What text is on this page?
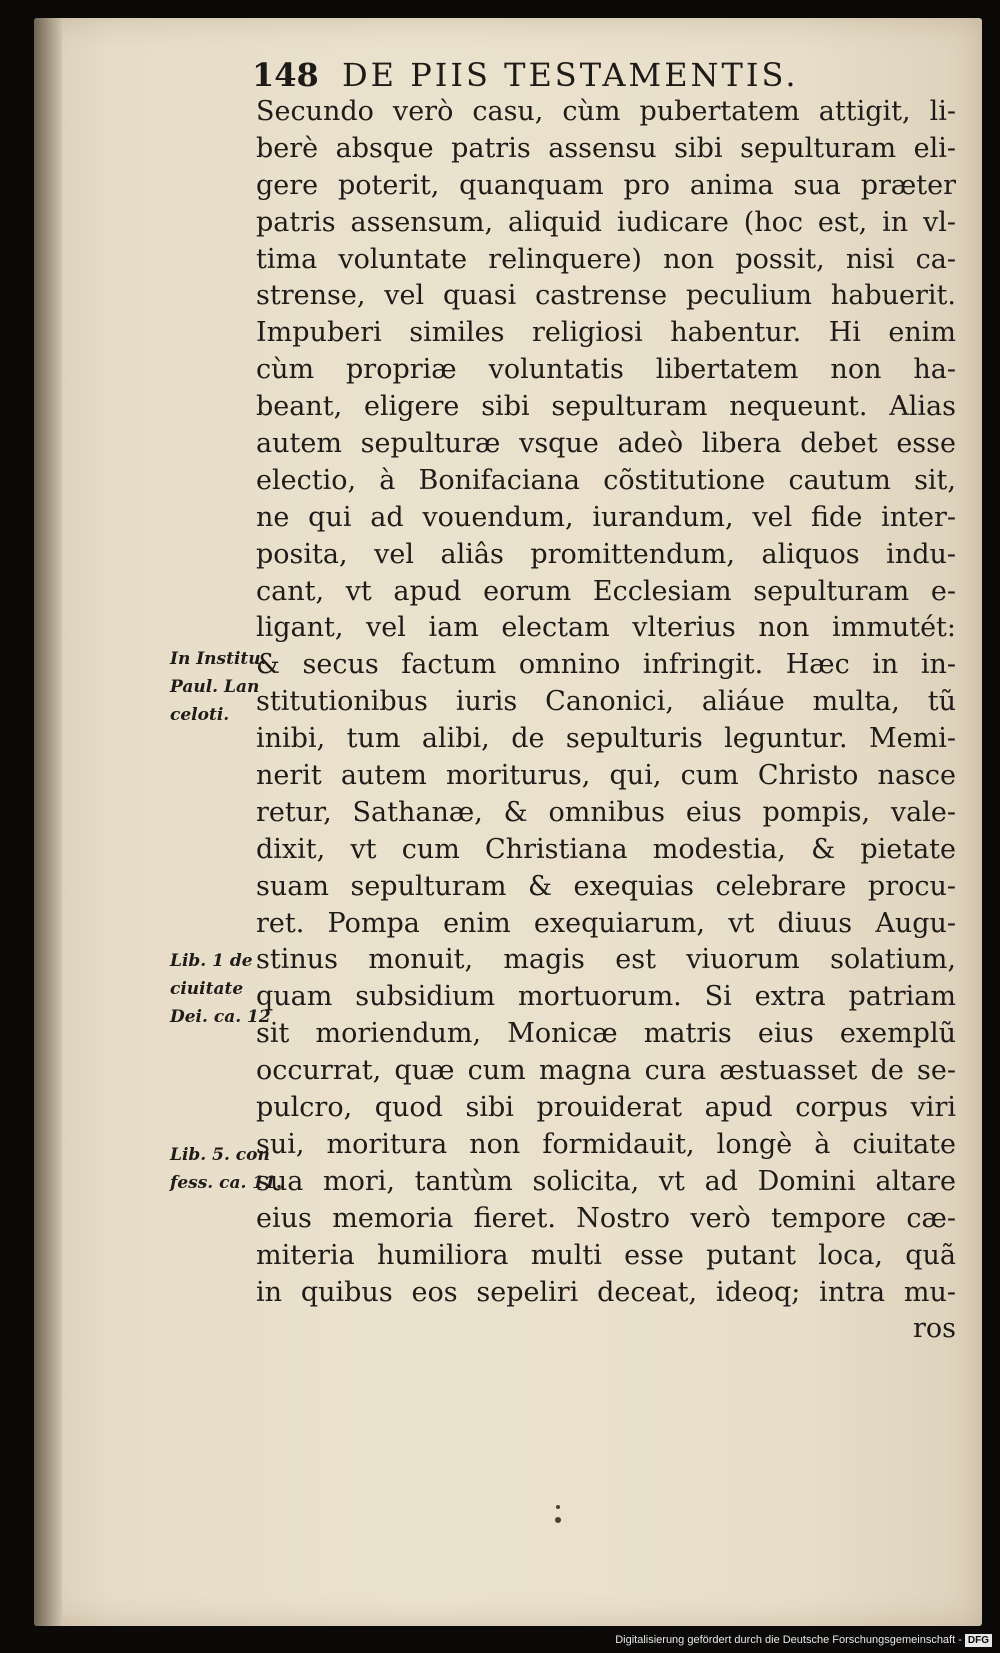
148 DE PIIS TESTAMENTIS.
Secundo verò casu, cùm pubertatem attigit, li-
berè absque patris assensu sibi sepulturam eli-
gere poterit, quanquam pro anima sua præter
patris assensum, aliquid iudicare (hoc est, in vl-
tima voluntate relinquere) non possit, nisi ca-
strense, vel quasi castrense peculium habuerit.
Impuberi similes religiosi habentur. Hi enim
cùm propriæ voluntatis libertatem non ha-
beant, eligere sibi sepulturam nequeunt. Alias
autem sepulturæ vsque adeò libera debet esse
electio, à Bonifaciana cõstitutione cautum sit,
ne qui ad vouendum, iurandum, vel fide inter-
posita, vel aliâs promittendum, aliquos indu-
cant, vt apud eorum Ecclesiam sepulturam e-
ligant, vel iam electam vlterius non immutét:
& secus factum omnino infringit. Hæc in in-
stitutionibus iuris Canonici, aliáue multa, tũ
inibi, tum alibi, de sepulturis leguntur. Memi-
nerit autem moriturus, qui, cum Christo nasce
retur, Sathanæ, & omnibus eius pompis, vale-
dixit, vt cum Christiana modestia, & pietate
suam sepulturam & exequias celebrare procu-
ret. Pompa enim exequiarum, vt diuus Augu-
stinus monuit, magis est viuorum solatium,
quam subsidium mortuorum. Si extra patriam
sit moriendum, Monicæ matris eius exemplũ
occurrat, quæ cum magna cura æstuasset de se-
pulcro, quod sibi prouiderat apud corpus viri
sui, moritura non formidauit, longè à ciuitate
sua mori, tantùm solicita, vt ad Domini altare
eius memoria fieret. Nostro verò tempore cæ-
miteria humiliora multi esse putant loca, quã
in quibus eos sepeliri deceat, ideoq; intra mu-
ros
In Institu.
Paul. Lan
celoti.
Lib. 1 de
ciuitate
Dei. ca. 12
Lib. 5. con
fess. ca. 11.
Digitalisierung gefördert durch die Deutsche Forschungsgemeinschaft - DFG
